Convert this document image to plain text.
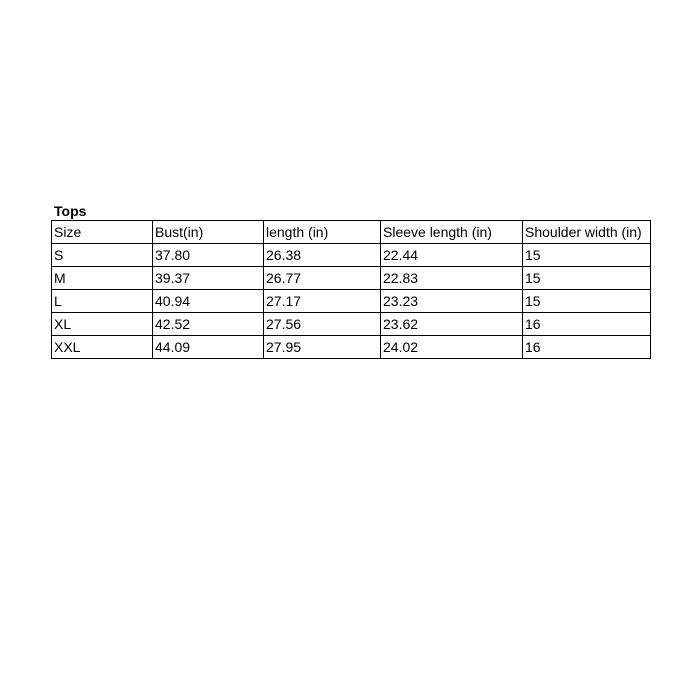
Tops
Size	Bust(in)	length (in)	Sleeve length (in)	Shoulder width (in)
S	37.80	26.38	22.44	15
M	39.37	26.77	22.83	15
L	40.94	27.17	23.23	15
XL	42.52	27.56	23.62	16
XXL	44.09	27.95	24.02	16
